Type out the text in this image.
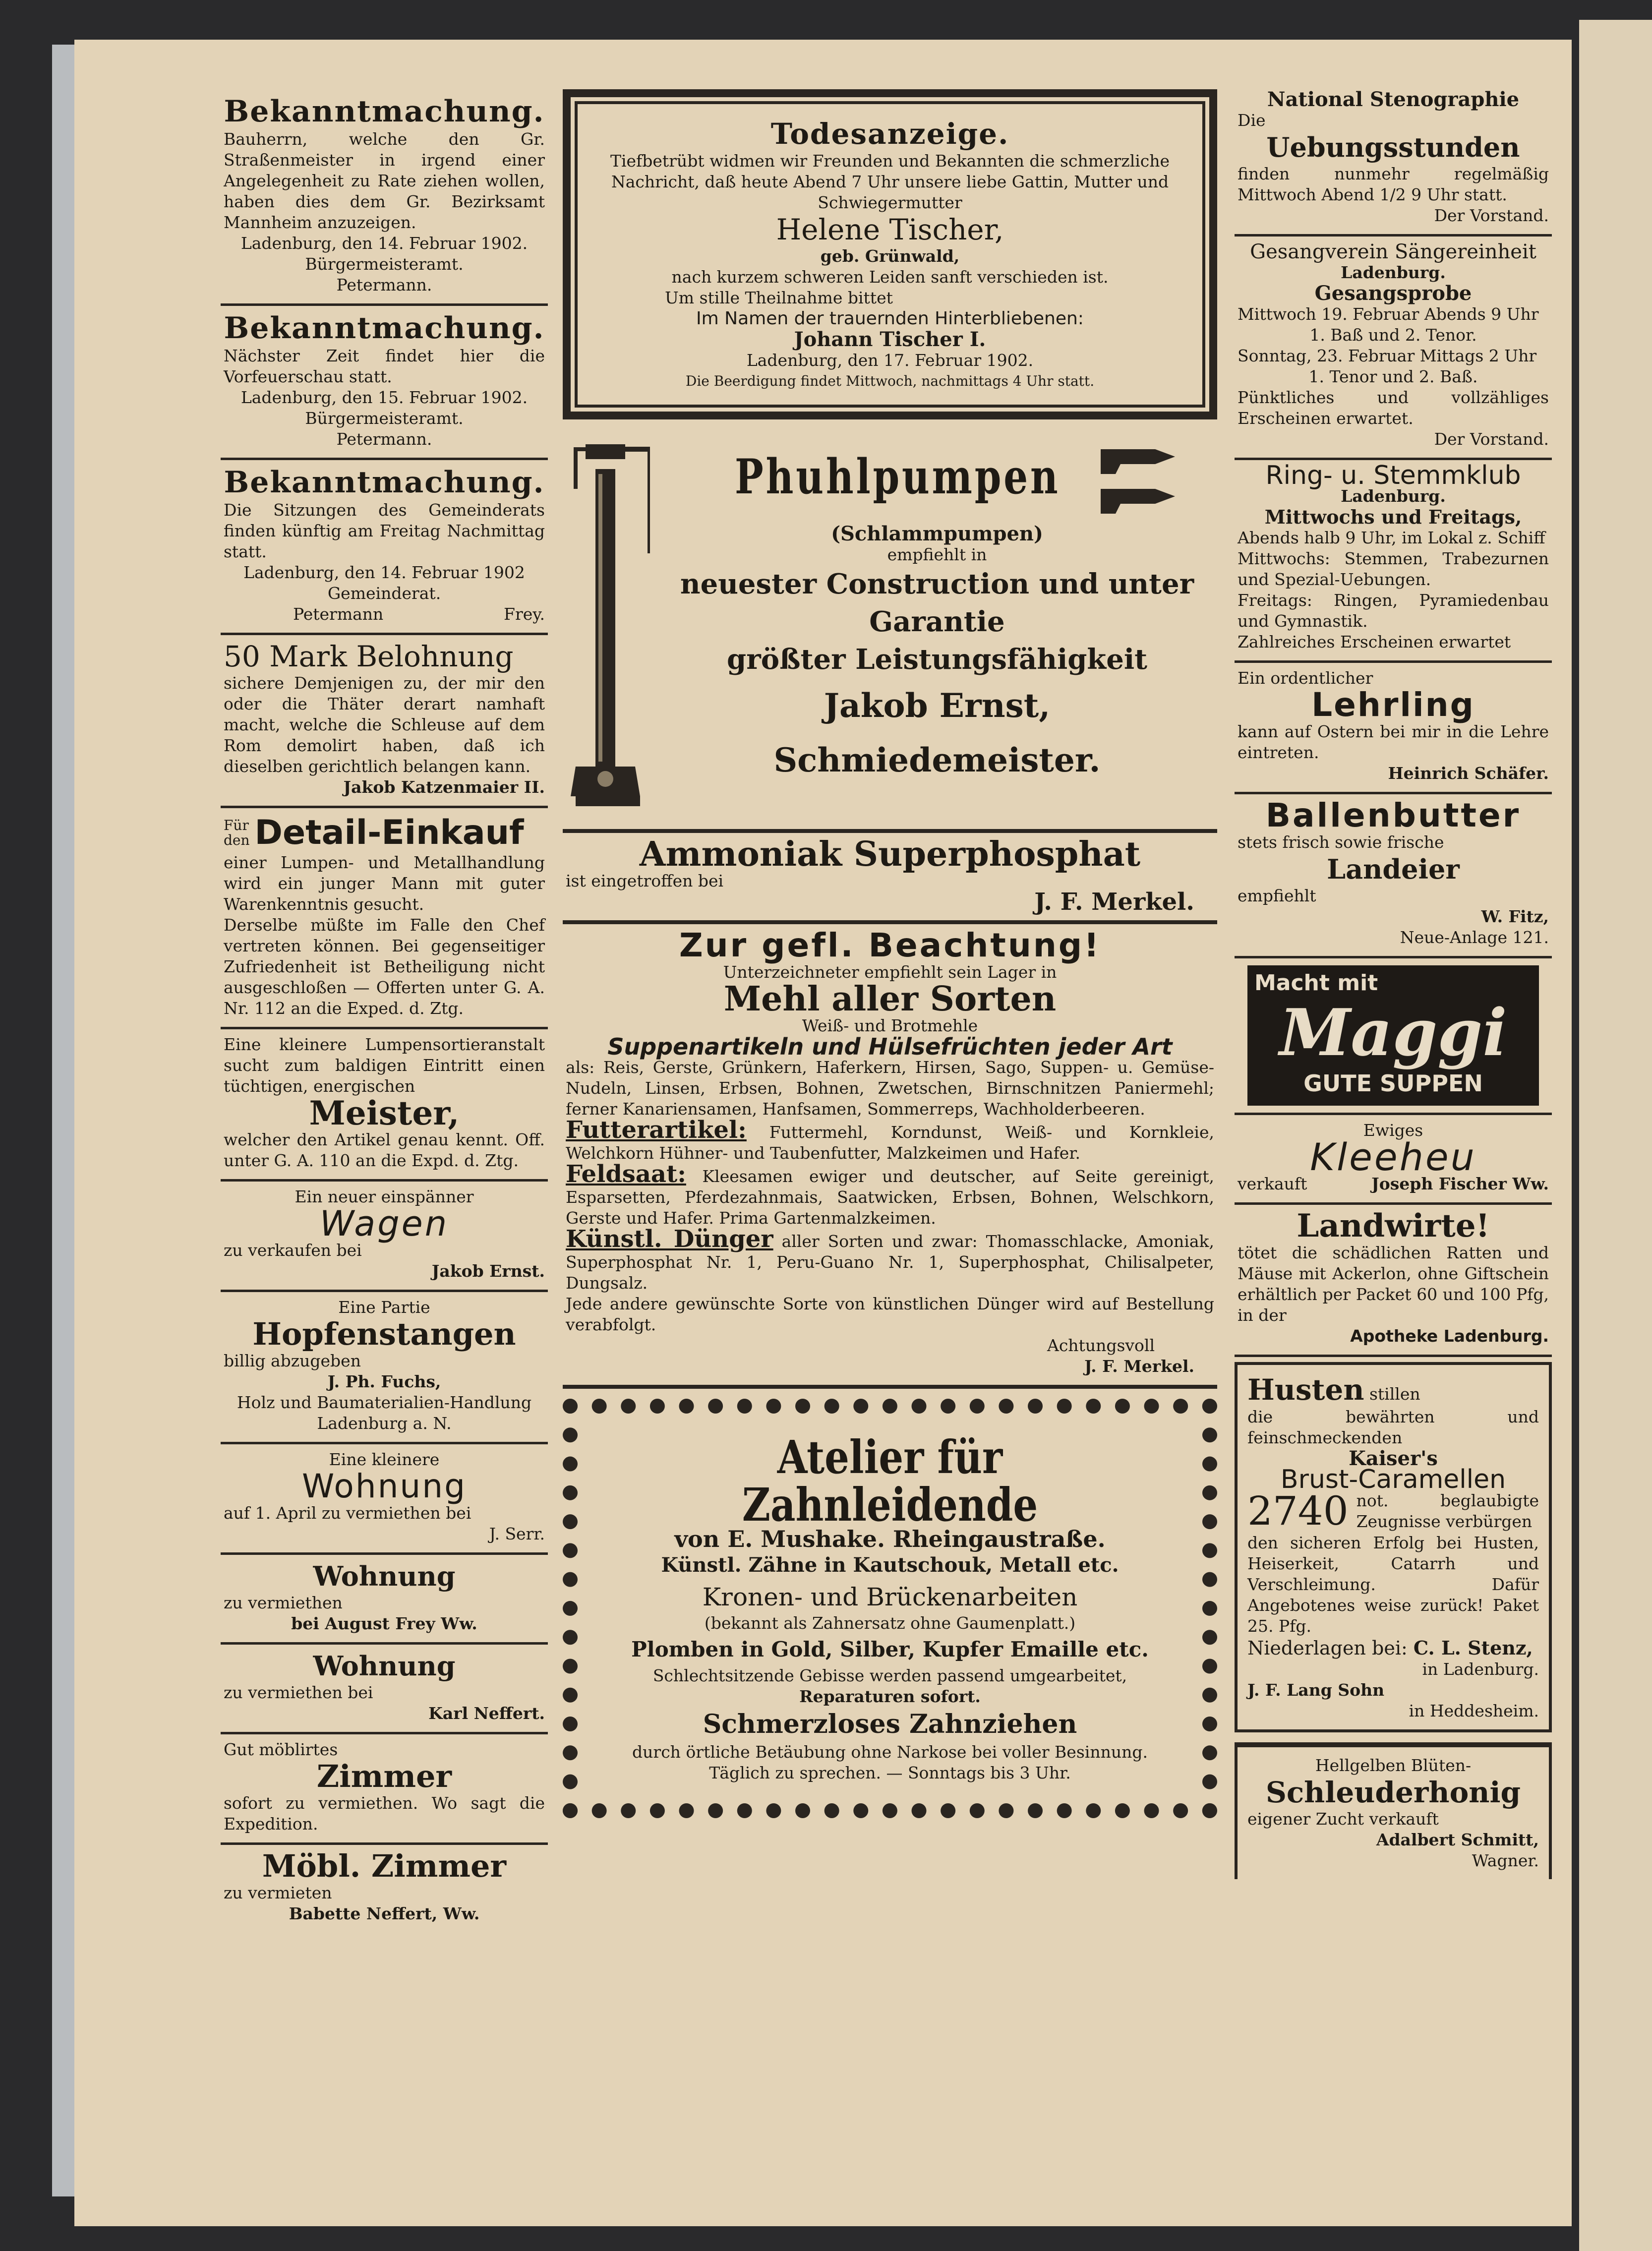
Bekanntmachung.

Bauherrn, welche den Gr. Straßenmeister in irgend einer Angelegenheit zu Rate ziehen wollen, haben dies dem Gr. Bezirksamt Mannheim anzuzeigen.

Ladenburg, den 14. Februar 1902.

Bürgermeisteramt.

Petermann.

Bekanntmachung.

Nächster Zeit findet hier die Vorfeuerschau statt.

Ladenburg, den 15. Februar 1902.

Bürgermeisteramt.

Petermann.

Bekanntmachung.

Die Sitzungen des Gemeinderats finden künftig am Freitag Nachmittag statt.

Ladenburg, den 14. Februar 1902

Gemeinderat.

Petermann	Frey.

50 Mark Belohnung

sichere Demjenigen zu, der mir den oder die Thäter derart namhaft macht, welche die Schleuse auf dem Rom demolirt haben, daß ich dieselben gerichtlich belangen kann.

Jakob Katzenmaier II.

Für

den Detail-Einkauf

einer Lumpen- und Metallhandlung wird ein junger Mann mit guter Warenkenntnis gesucht.

Derselbe müßte im Falle den Chef vertreten können. Bei gegenseitiger Zufriedenheit ist Betheiligung nicht ausgeschloßen — Offerten unter G. A. Nr. 112 an die Exped. d. Ztg.

Eine kleinere Lumpensortieranstalt sucht zum baldigen Eintritt einen tüchtigen, energischen

Meister,

welcher den Artikel genau kennt. Off. unter G. A. 110 an die Expd. d. Ztg.

Ein neuer einspänner

Wagen

zu verkaufen bei

Jakob Ernst.

Eine Partie

Hopfenstangen

billig abzugeben

J. Ph. Fuchs,

Holz und Baumaterialien-Handlung

Ladenburg a. N.

Eine kleinere

Wohnung

auf 1. April zu vermiethen bei

J. Serr.

Wohnung

zu vermiethen

bei August Frey Ww.

Wohnung

zu vermiethen bei

Karl Neffert.

Gut möblirtes

Zimmer

sofort zu vermiethen. Wo sagt die Expedition.

Möbl. Zimmer

zu vermieten

Babette Neffert, Ww.

Todesanzeige.

Tiefbetrübt widmen wir Freunden und Bekannten die schmerzliche Nachricht, daß heute Abend 7 Uhr unsere liebe Gattin, Mutter und Schwiegermutter

Helene Tischer,

geb. Grünwald,

nach kurzem schweren Leiden sanft verschieden ist.

Um stille Theilnahme bittet

Im Namen der trauernden Hinterbliebenen:

Johann Tischer I.

Ladenburg, den 17. Februar 1902.

Die Beerdigung findet Mittwoch, nachmittags 4 Uhr statt.

Phuhlpumpen

(Schlammpumpen)

empfiehlt in

neuester Construction und unter

Garantie

größter Leistungsfähigkeit

Jakob Ernst, Schmiedemeister.

Ammoniak Superphosphat

ist eingetroffen bei

J. F. Merkel.

Zur gefl. Beachtung!

Unterzeichneter empfiehlt sein Lager in

Mehl aller Sorten

Weiß- und Brotmehle

Suppenartikeln und Hülsefrüchten jeder Art

als: Reis, Gerste, Grünkern, Haferkern, Hirsen, Sago, Suppen- u. Gemüse-Nudeln, Linsen, Erbsen, Bohnen, Zwetschen, Birnschnitzen Paniermehl; ferner Kanariensamen, Hanfsamen, Sommerreps, Wachholderbeeren.

Futterartikel: Futtermehl, Korndunst, Weiß- und Kornkleie, Welchkorn Hühner- und Taubenfutter, Malzkeimen und Hafer.

Feldsaat: Kleesamen ewiger und deutscher, auf Seite gereinigt, Esparsetten, Pferdezahnmais, Saatwicken, Erbsen, Bohnen, Welschkorn, Gerste und Hafer. Prima Gartenmalzkeimen.

Künstl. Dünger aller Sorten und zwar: Thomasschlacke, Amoniak, Superphosphat Nr. 1, Peru-Guano Nr. 1, Superphosphat, Chilisalpeter, Dungsalz.

Jede andere gewünschte Sorte von künstlichen Dünger wird auf Bestellung verabfolgt.

Achtungsvoll

J. F. Merkel.

Atelier für Zahnleidende

von E. Mushake. Rheingaustraße.

Künstl. Zähne in Kautschouk, Metall etc.

Kronen- und Brückenarbeiten

(bekannt als Zahnersatz ohne Gaumenplatt.)

Plomben in Gold, Silber, Kupfer Emaille etc.

Schlechtsitzende Gebisse werden passend umgearbeitet,

Reparaturen sofort.

Schmerzloses Zahnziehen

durch örtliche Betäubung ohne Narkose bei voller Besinnung.

Täglich zu sprechen. — Sonntags bis 3 Uhr.

National Stenographie

Die

Uebungsstunden

finden nunmehr regelmäßig Mittwoch Abend 1/2 9 Uhr statt.

Der Vorstand.

Gesangverein Sängereinheit

Ladenburg.

Gesangsprobe

Mittwoch 19. Februar Abends 9 Uhr

1. Baß und 2. Tenor.

Sonntag, 23. Februar Mittags 2 Uhr

1. Tenor und 2. Baß.

Pünktliches und vollzähliges Erscheinen erwartet.

Der Vorstand.

Ring- u. Stemmklub

Ladenburg.

Mittwochs und Freitags,

Abends halb 9 Uhr, im Lokal z. Schiff

Mittwochs: Stemmen, Trabezurnen und Spezial-Uebungen.

Freitags: Ringen, Pyramiedenbau und Gymnastik.

Zahlreiches Erscheinen erwartet

Ein ordentlicher

Lehrling

kann auf Ostern bei mir in die Lehre eintreten.

Heinrich Schäfer.

Ballenbutter

stets frisch sowie frische

Landeier

empfiehlt

W. Fitz,

Neue-Anlage 121.

Macht mit

Maggi

GUTE SUPPEN

Ewiges

Kleeheu

verkauft	Joseph Fischer Ww.

Landwirte!

tötet die schädlichen Ratten und Mäuse mit Ackerlon, ohne Giftschein erhältlich per Packet 60 und 100 Pfg, in der

Apotheke Ladenburg.

Husten stillen

die bewährten und feinschmeckenden

Kaiser's

Brust-Caramellen

2740 not. beglaubigte Zeugnisse verbürgen

den sicheren Erfolg bei Husten, Heiserkeit, Catarrh und Verschleimung. Dafür Angebotenes weise zurück! Paket 25. Pfg.

Niederlagen bei: C. L. Stenz,

in Ladenburg.

J. F. Lang Sohn

in Heddesheim.

Hellgelben Blüten-

Schleuderhonig

eigener Zucht verkauft

Adalbert Schmitt,

Wagner.
